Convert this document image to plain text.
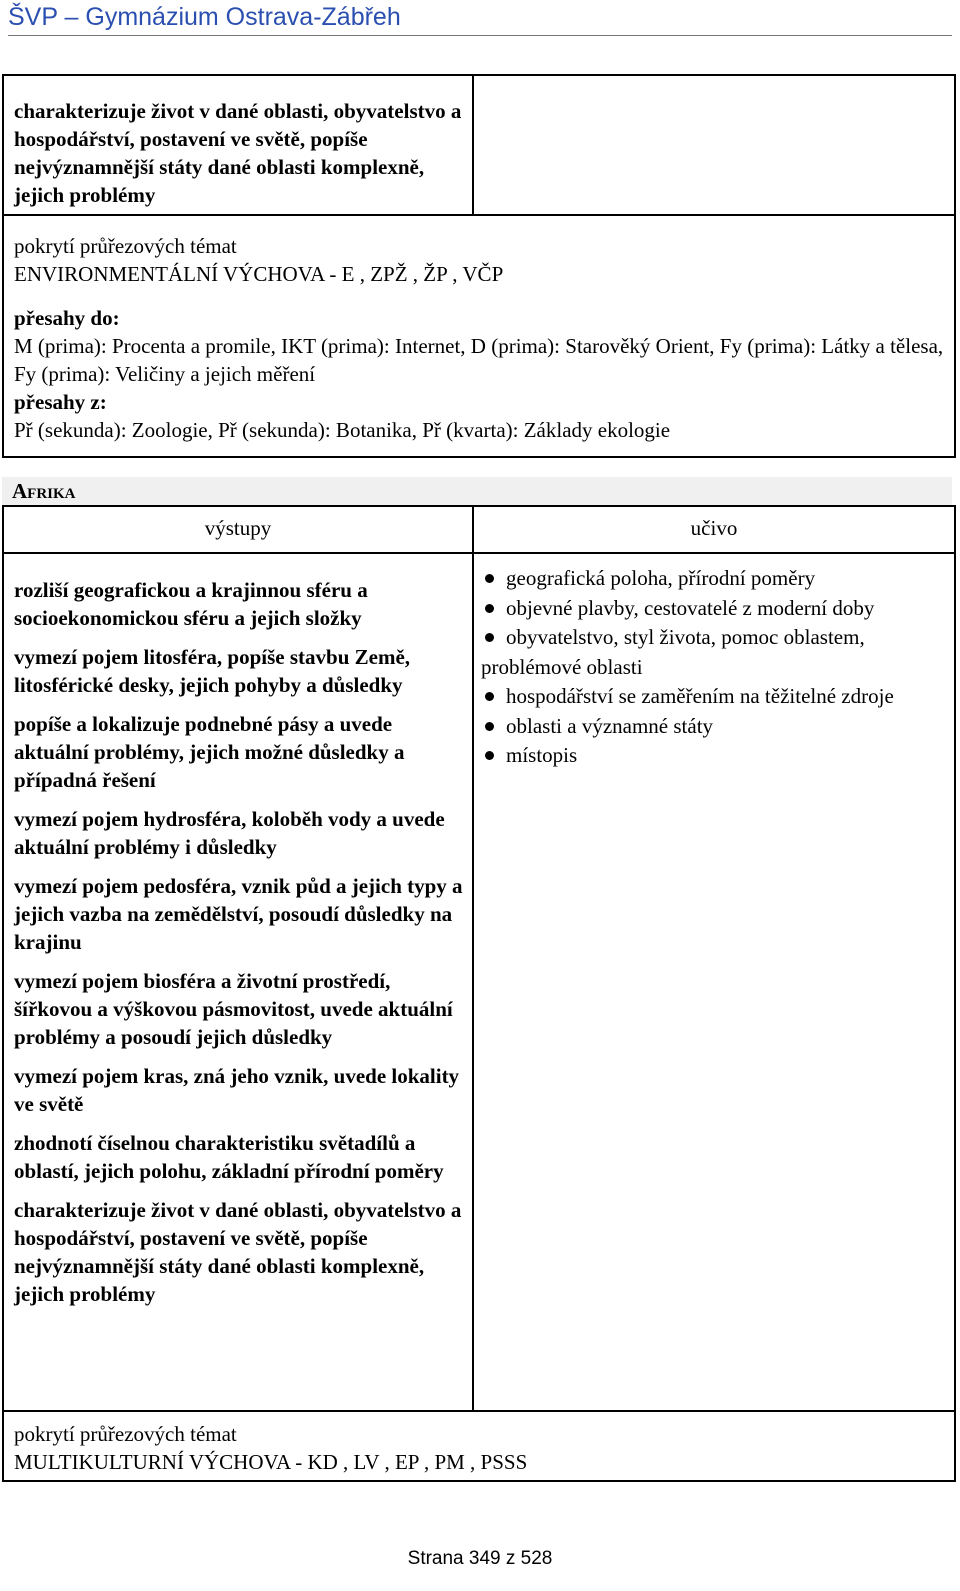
ŠVP – Gymnázium Ostrava-Zábřeh
charakterizuje život v dané oblasti, obyvatelstvo a hospodářství, postavení ve světě, popíše nejvýznamnější státy dané oblasti komplexně, jejich problémy
pokrytí průřezových témat
ENVIRONMENTÁLNÍ VÝCHOVA - E , ZPŽ , ŽP , VČP
přesahy do:
M (prima): Procenta a promile, IKT (prima): Internet, D (prima): Starověký Orient, Fy (prima): Látky a tělesa, Fy (prima): Veličiny a jejich měření
přesahy z:
Př (sekunda): Zoologie, Př (sekunda): Botanika, Př (kvarta): Základy ekologie
Afrika
výstupy	učivo
rozliší geografickou a krajinnou sféru a socioekonomickou sféru a jejich složky
vymezí pojem litosféra, popíše stavbu Země, litosférické desky, jejich pohyby a důsledky
popíše a lokalizuje podnebné pásy a uvede aktuální problémy, jejich možné důsledky a případná řešení
vymezí pojem hydrosféra, koloběh vody a uvede aktuální problémy i důsledky
vymezí pojem pedosféra, vznik půd a jejich typy a jejich vazba na zemědělství, posoudí důsledky na krajinu
vymezí pojem biosféra a životní prostředí, šířkovou a výškovou pásmovitost, uvede aktuální problémy a posoudí jejich důsledky
vymezí pojem kras, zná jeho vznik, uvede lokality ve světě
zhodnotí číselnou charakteristiku světadílů a oblastí, jejich polohu, základní přírodní poměry
charakterizuje život v dané oblasti, obyvatelstvo a hospodářství, postavení ve světě, popíše nejvýznamnější státy dané oblasti komplexně, jejich problémy
geografická poloha, přírodní poměry
objevné plavby, cestovatelé z moderní doby
obyvatelstvo, styl života, pomoc oblastem, problémové oblasti
hospodářství se zaměřením na těžitelné zdroje
oblasti a významné státy
místopis
pokrytí průřezových témat
MULTIKULTURNÍ VÝCHOVA - KD , LV , EP , PM , PSSS
Strana 349 z 528
